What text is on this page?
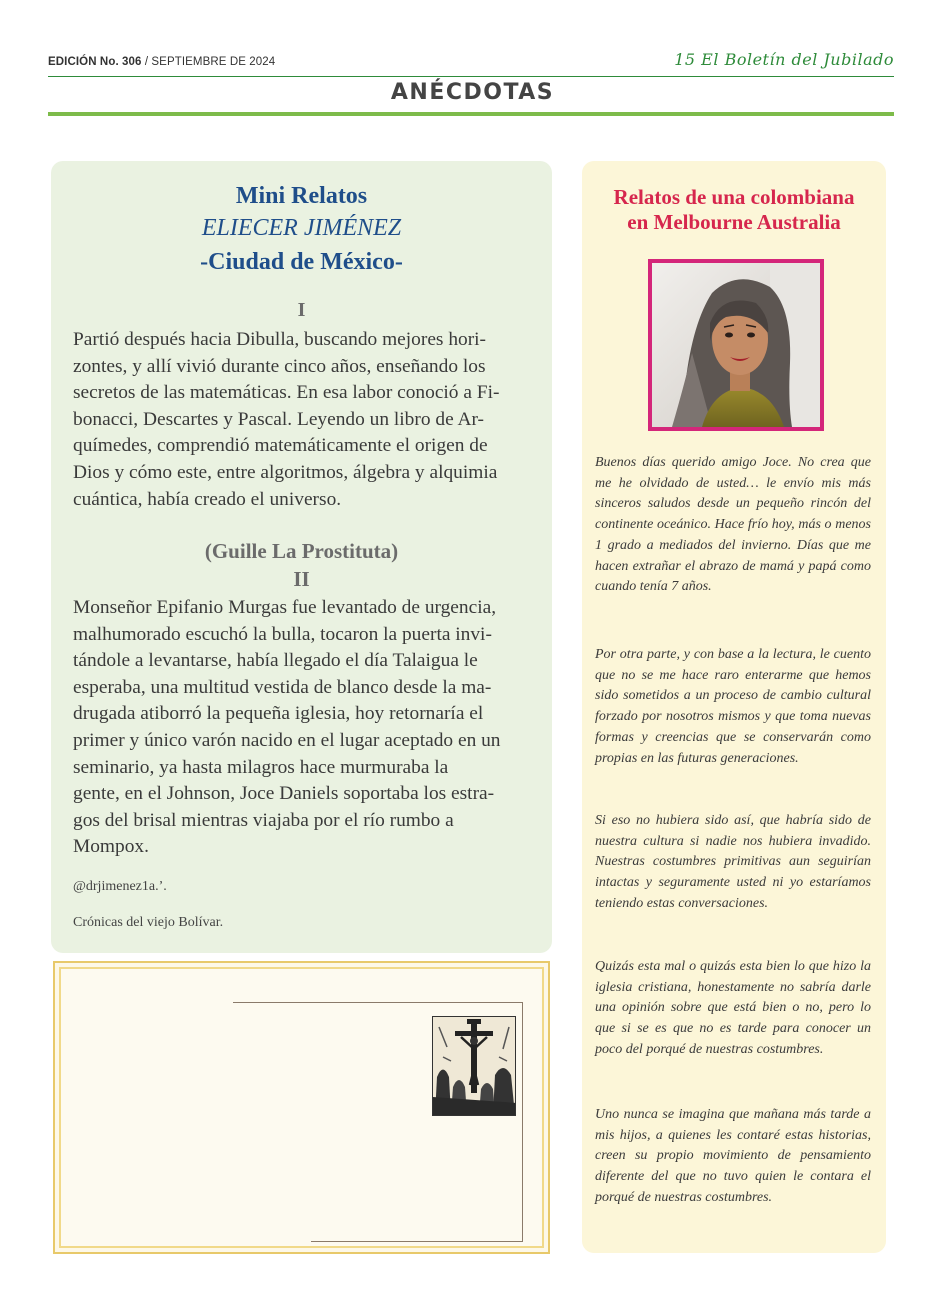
EDICIÓN No. 306 / SEPTIEMBRE DE 2024	15 El Boletín del Jubilado
ANÉCDOTAS
Mini Relatos
ELIECER JIMÉNEZ
-Ciudad de México-
I
Partió después hacia Dibulla, buscando mejores hori-
zontes, y allí vivió durante cinco años, enseñando los
secretos de las matemáticas. En esa labor conoció a Fi-
bonacci, Descartes y Pascal. Leyendo un libro de Ar-
químedes, comprendió matemáticamente el origen de
Dios y cómo este, entre algoritmos, álgebra y alquimia
cuántica, había creado el universo.
(Guille La Prostituta)
II
Monseñor Epifanio Murgas fue levantado de urgencia,
malhumorado escuchó la bulla, tocaron la puerta invi-
tándole a levantarse, había llegado el día Talaigua le
esperaba, una multitud vestida de blanco desde la ma-
drugada atiborró la pequeña iglesia, hoy retornaría el
primer y único varón nacido en el lugar aceptado en un
seminario, ya hasta milagros hace murmuraba la
gente, en el Johnson, Joce Daniels soportaba los estra-
gos del brisal mientras viajaba por el río rumbo a
Mompox.
@drjimenez1a.’.
Crónicas del viejo Bolívar.
Relatos de una colombiana
en Melbourne Australia
Buenos días querido amigo Joce. No crea que me he olvidado de usted… le envío mis más sinceros saludos desde un pequeño rincón del continente oceánico. Hace frío hoy, más o menos 1 grado a mediados del invierno. Días que me hacen extrañar el abrazo de mamá y papá como cuando tenía 7 años.
Por otra parte, y con base a la lectura, le cuento que no se me hace raro enterarme que hemos sido sometidos a un proceso de cambio cultural forzado por nosotros mismos y que toma nuevas formas y creencias que se conservarán como propias en las futuras generaciones.
Si eso no hubiera sido así, que habría sido de nuestra cultura si nadie nos hubiera invadido. Nuestras costumbres primitivas aun seguirían intactas y seguramente usted ni yo estaríamos teniendo estas conversaciones.
Quizás esta mal o quizás esta bien lo que hizo la iglesia cristiana, honestamente no sabría darle una opinión sobre que está bien o no, pero lo que si se es que no es tarde para conocer un poco del porqué de nuestras costumbres.
Uno nunca se imagina que mañana más tarde a mis hijos, a quienes les contaré estas historias, creen su propio movimiento de pensamiento diferente del que no tuvo quien le contara el porqué de nuestras costumbres.
